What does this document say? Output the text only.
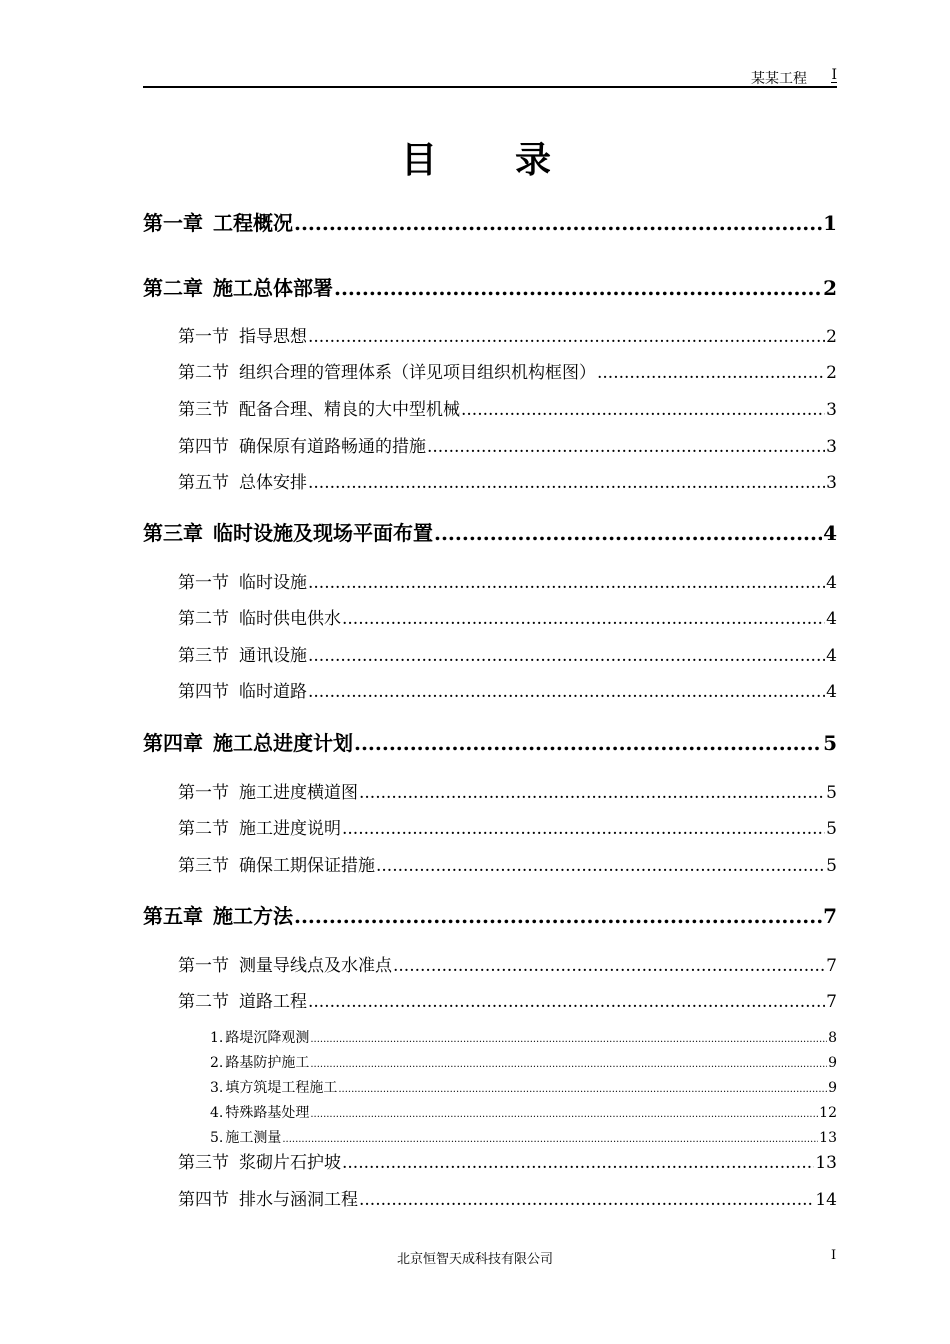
某某工程 I
目录
第一章 工程概况 .....	1
第二章 施工总体部署 .....	2
第一节 指导思想 .....	2
第二节 组织合理的管理体系（详见项目组织机构框图） .....	2
第三节 配备合理、精良的大中型机械 .....	3
第四节 确保原有道路畅通的措施 .....	3
第五节 总体安排 .....	3
第三章 临时设施及现场平面布置 .....	4
第一节 临时设施 .....	4
第二节 临时供电供水 .....	4
第三节 通讯设施 .....	4
第四节 临时道路 .....	4
第四章 施工总进度计划 .....	5
第一节 施工进度横道图 .....	5
第二节 施工进度说明 .....	5
第三节 确保工期保证措施 .....	5
第五章 施工方法 .....	7
第一节 测量导线点及水准点 .....	7
第二节 道路工程 .....	7
1. 路堤沉降观测 .....	8
2. 路基防护施工 .....	9
3. 填方筑堤工程施工 .....	9
4. 特殊路基处理 .....	12
5. 施工测量 .....	13
第三节 浆砌片石护坡 .....	13
第四节 排水与涵洞工程 .....	14
北京恒智天成科技有限公司	I
